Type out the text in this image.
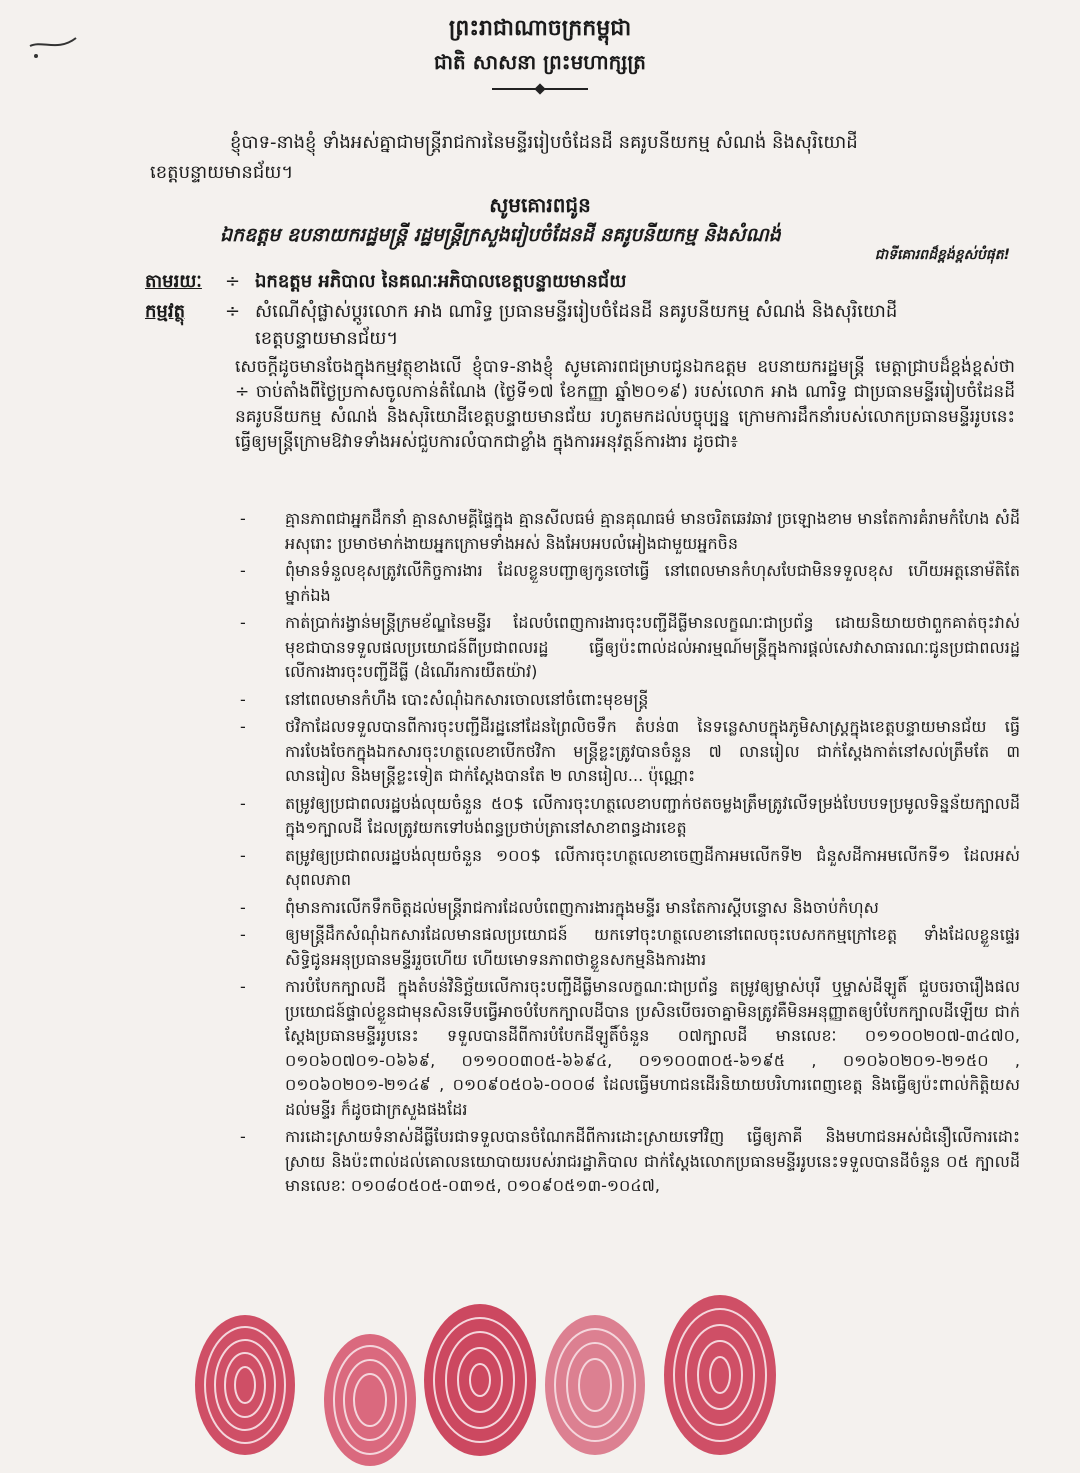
ព្រះរាជាណាចក្រកម្ពុជា
ជាតិ សាសនា ព្រះមហាក្សត្រ
ខ្ញុំបាទ-នាងខ្ញុំ ទាំងអស់គ្នាជាមន្ត្រីរាជការនៃមន្ទីររៀបចំដែនដី នគរូបនីយកម្ម សំណង់ និងសុរិយោដី
ខេត្តបន្ទាយមានជ័យ។
សូមគោរពជូន
ឯកឧត្តម ឧបនាយករដ្ឋមន្ត្រី រដ្ឋមន្ត្រីក្រសួងរៀបចំដែនដី នគរូបនីយកម្ម និងសំណង់
ជាទីគោរពដ៏ខ្ពង់ខ្ពស់បំផុត!
តាមរយៈ ÷ ឯកឧត្តម អភិបាល នៃគណៈអភិបាលខេត្តបន្ទាយមានជ័យ
កម្មវត្ថុ ÷ សំណើសុំផ្លាស់ប្តូរលោក អាង ណារិទ្ធ ប្រធានមន្ទីររៀបចំដែនដី នគរូបនីយកម្ម សំណង់ និងសុរិយោដី
ខេត្តបន្ទាយមានជ័យ។
សេចក្តីដូចមានចែងក្នុងកម្មវត្ថុខាងលើ ខ្ញុំបាទ-នាងខ្ញុំ សូមគោរពជម្រាបជូនឯកឧត្តម ឧបនាយករដ្ឋមន្ត្រី មេត្តាជ្រាបដ៏ខ្ពង់ខ្ពស់ថា ÷ ចាប់តាំងពីថ្ងៃប្រកាសចូលកាន់តំណែង (ថ្ងៃទី១៧ ខែកញ្ញា ឆ្នាំ២០១៩) របស់លោក អាង ណារិទ្ធ ជាប្រធានមន្ទីររៀបចំដែនដី នគរូបនីយកម្ម សំណង់ និងសុរិយោដីខេត្តបន្ទាយមានជ័យ រហូតមកដល់បច្ចុប្បន្ន ក្រោមការដឹកនាំរបស់លោកប្រធានមន្ទីររូបនេះ ធ្វើឲ្យមន្ត្រីក្រោមឱវាទទាំងអស់ជួបការលំបាកជាខ្លាំង ក្នុងការអនុវត្តន៍ការងារ ដូចជា៖
- គ្មានភាពជាអ្នកដឹកនាំ គ្មានសាមគ្គីផ្ទៃក្នុង គ្មានសីលធម៌ គ្មានគុណធម៌ មានចរិតឆេវឆាវ ច្រឡោងខាម មានតែការគំរាមកំហែង សំដីអសុរោះ ប្រមាថមាក់ងាយអ្នកក្រោមទាំងអស់ និងអែបអបលំអៀងជាមួយអ្នកចិន
- ពុំមានទំនួលខុសត្រូវលើកិច្ចការងារ ដែលខ្លួនបញ្ជាឲ្យកូនចៅធ្វើ នៅពេលមានកំហុសបែជាមិនទទួលខុស ហើយអត្តនោម័តិតែម្នាក់ឯង
- កាត់ប្រាក់រង្វាន់មន្ត្រីក្រមខ័ណ្ឌនៃមន្ទីរ ដែលបំពេញការងារចុះបញ្ជីដីធ្លីមានលក្ខណៈជាប្រព័ន្ធ ដោយនិយាយថាពួកគាត់ចុះវាស់មុខជាបានទទួលផលប្រយោជន៍ពីប្រជាពលរដ្ឋ ធ្វើឲ្យប៉ះពាល់ដល់អារម្មណ៍មន្ត្រីក្នុងការផ្តល់សេវាសាធារណៈជូនប្រជាពលរដ្ឋលើការងារចុះបញ្ជីដីធ្លី (ដំណើរការយឺតយ៉ាវ)
- នៅពេលមានកំហឹង បោះសំណុំឯកសារចោលនៅចំពោះមុខមន្ត្រី
- ថវិកាដែលទទួលបានពីការចុះបញ្ជីដីរដ្ឋនៅដែនព្រៃលិចទឹក តំបន់៣ នៃទន្លេសាបក្នុងភូមិសាស្ត្រក្នុងខេត្តបន្ទាយមានជ័យ ធ្វើការបែងចែកក្នុងឯកសារចុះហត្ថលេខាបើកថវិកា មន្ត្រីខ្លះត្រូវបានចំនួន ៧ លានរៀល ជាក់ស្តែងកាត់នៅសល់ត្រឹមតែ ៣ លានរៀល និងមន្ត្រីខ្លះទៀត ជាក់ស្តែងបានតែ ២ លានរៀល... ប៉ុណ្ណោះ
- តម្រូវឲ្យប្រជាពលរដ្ឋបង់លុយចំនួន ៥០$ លើការចុះហត្ថលេខាបញ្ជាក់ថតចម្លងត្រឹមត្រូវលើទម្រង់បែបបទប្រមូលទិន្នន័យក្បាលដី ក្នុង១ក្បាលដី ដែលត្រូវយកទៅបង់ពន្ធប្រថាប់ត្រានៅសាខាពន្ធដារខេត្ត
- តម្រូវឲ្យប្រជាពលរដ្ឋបង់លុយចំនួន ១០០$ លើការចុះហត្ថលេខាចេញដីកាអមលើកទី២ ជំនួសដីកាអមលើកទី១ ដែលអស់សុពលភាព
- ពុំមានការលើកទឹកចិត្តដល់មន្ត្រីរាជការដែលបំពេញការងារក្នុងមន្ទីរ មានតែការស្តីបន្ទោស និងចាប់កំហុស
- ឲ្យមន្ត្រីដឹកសំណុំឯកសារដែលមានផលប្រយោជន៍ យកទៅចុះហត្ថលេខានៅពេលចុះបេសកកម្មក្រៅខេត្ត ទាំងដែលខ្លួនផ្ទេរសិទ្ធិជូនអនុប្រធានមន្ទីររួចហើយ ហើយមោទនភាពថាខ្លួនសកម្មនិងការងារ
- ការបំបែកក្បាលដី ក្នុងតំបន់វិនិច្ឆ័យលើការចុះបញ្ជីដីធ្លីមានលក្ខណៈជាប្រព័ន្ធ តម្រូវឲ្យម្ចាស់បុរី ឬម្ចាស់ដីឡូតិ៍ ជួបចរចារឿងផលប្រយោជន៍ផ្ទាល់ខ្លួនជាមុនសិនទើបធ្វើអាចបំបែកក្បាលដីបាន ប្រសិនបើចរចាគ្នាមិនត្រូវគឺមិនអនុញ្ញាតឲ្យបំបែកក្បាលដីឡើយ ជាក់ស្តែងប្រធានមន្ទីររូបនេះ ទទួលបានដីពីការបំបែកដីឡូតិ៍ចំនួន ០៧ក្បាលដី មានលេខៈ ០១១០០២០៧-៣៤៧០, ០១០៦០៧០១-០៦៦៩, ០១១០០៣០៥-៦៦៩៤, ០១១០០៣០៥-៦១៩៥ , ០១០៦០២០១-២១៥០ , ០១០៦០២០១-២១៤៩ , ០១០៩០៥០៦-០០០៨ ដែលធ្វើមហាជនដើរនិយាយបរិហារពេញខេត្ត និងធ្វើឲ្យប៉ះពាល់កិត្តិយសដល់មន្ទីរ ក៏ដូចជាក្រសួងផងដែរ
- ការដោះស្រាយទំនាស់ដីធ្លីបែរជាទទួលបានចំណែកដីពីការដោះស្រាយទៅវិញ ធ្វើឲ្យភាគី និងមហាជនអស់ជំនឿលើការដោះស្រាយ និងប៉ះពាល់ដល់គោលនយោបាយរបស់រាជរដ្ឋាភិបាល ជាក់ស្តែងលោកប្រធានមន្ទីររូបនេះទទួលបានដីចំនួន ០៥ ក្បាលដី មានលេខៈ ០១០៨០៥០៥-០៣១៥, ០១០៩០៥១៣-១០៤៧,
